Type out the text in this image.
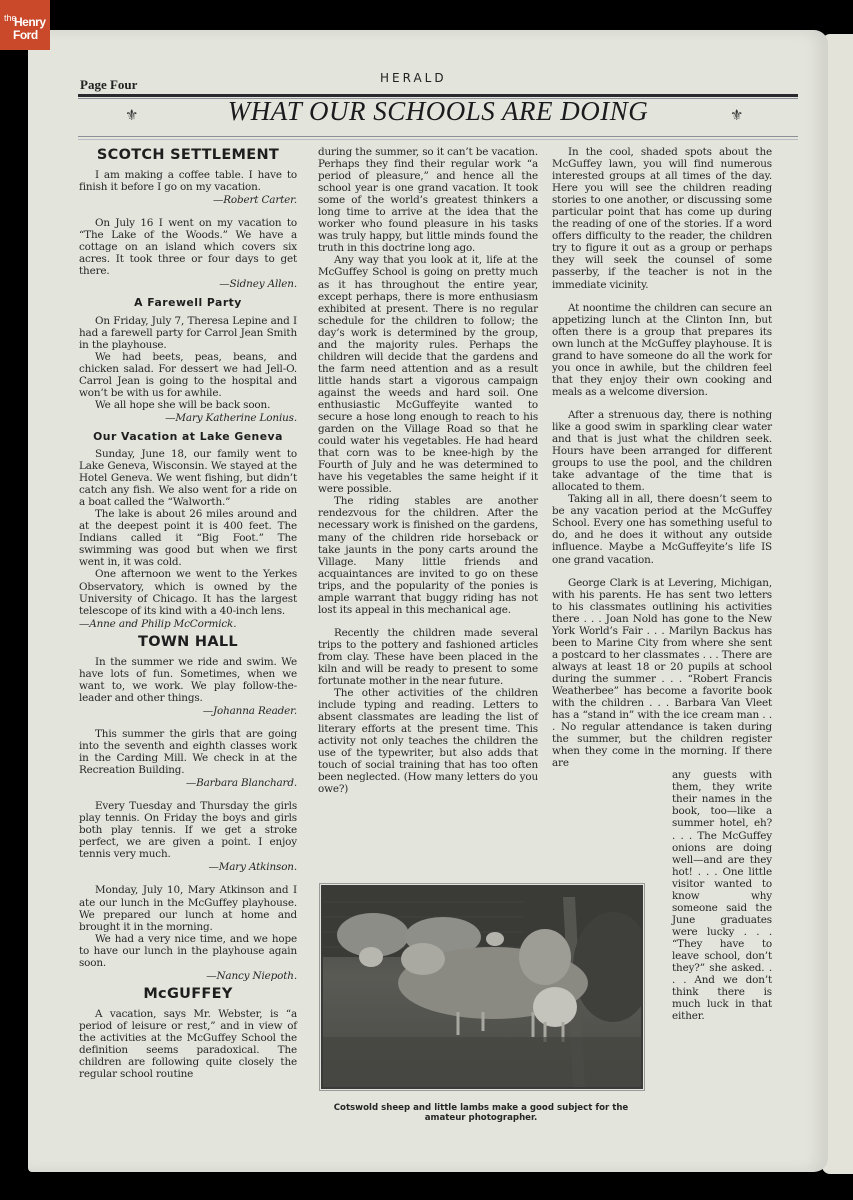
the
Henry
Ford
Page Four	HERALD
⚜	WHAT OUR SCHOOLS ARE DOING	⚜
SCOTCH SETTLEMENT

I am making a coffee table. I have to finish it before I go on my vacation.

—Robert Carter.

On July 16 I went on my vacation to “The Lake of the Woods.” We have a cottage on an island which covers six acres. It took three or four days to get there.

—Sidney Allen.
A Farewell Party

On Friday, July 7, Theresa Lepine and I had a farewell party for Carrol Jean Smith in the playhouse.

We had beets, peas, beans, and chicken salad. For dessert we had Jell-O. Carrol Jean is going to the hospital and won’t be with us for awhile.

We all hope she will be back soon.

—Mary Katherine Lonius.
Our Vacation at Lake Geneva

Sunday, June 18, our family went to Lake Geneva, Wisconsin. We stayed at the Hotel Geneva. We went fishing, but didn’t catch any fish. We also went for a ride on a boat called the “Walworth.”

The lake is about 26 miles around and at the deepest point it is 400 feet. The Indians called it “Big Foot.” The swimming was good but when we first went in, it was cold.

One afternoon we went to the Yerkes Observatory, which is owned by the University of Chicago. It has the largest telescope of its kind with a 40-inch lens.

—Anne and Philip McCormick.
TOWN HALL

In the summer we ride and swim. We have lots of fun. Sometimes, when we want to, we work. We play follow-the-leader and other things.

—Johanna Reader.

This summer the girls that are going into the seventh and eighth classes work in the Carding Mill. We check in at the Recreation Building.

—Barbara Blanchard.

Every Tuesday and Thursday the girls play tennis. On Friday the boys and girls both play tennis. If we get a stroke perfect, we are given a point. I enjoy tennis very much.

—Mary Atkinson.

Monday, July 10, Mary Atkinson and I ate our lunch in the McGuffey playhouse. We prepared our lunch at home and brought it in the morning.

We had a very nice time, and we hope to have our lunch in the playhouse again soon.

—Nancy Niepoth.
McGUFFEY

A vacation, says Mr. Webster, is “a period of leisure or rest,” and in view of the activities at the McGuffey School the definition seems paradoxical. The children are following quite closely the regular school routine

during the summer, so it can’t be vacation. Perhaps they find their regular work “a period of pleasure,” and hence all the school year is one grand vacation. It took some of the world’s greatest thinkers a long time to arrive at the idea that the worker who found pleasure in his tasks was truly happy, but little minds found the truth in this doctrine long ago.

Any way that you look at it, life at the McGuffey School is going on pretty much as it has throughout the entire year, except perhaps, there is more enthusiasm exhibited at present. There is no regular schedule for the children to follow; the day’s work is determined by the group, and the majority rules. Perhaps the children will decide that the gardens and the farm need attention and as a result little hands start a vigorous campaign against the weeds and hard soil. One enthusiastic McGuffeyite wanted to secure a hose long enough to reach to his garden on the Village Road so that he could water his vegetables. He had heard that corn was to be knee-high by the Fourth of July and he was determined to have his vegetables the same height if it were possible.

The riding stables are another rendezvous for the children. After the necessary work is finished on the gardens, many of the children ride horseback or take jaunts in the pony carts around the Village. Many little friends and acquaintances are invited to go on these trips, and the popularity of the ponies is ample warrant that buggy riding has not lost its appeal in this mechanical age.

Recently the children made several trips to the pottery and fashioned articles from clay. These have been placed in the kiln and will be ready to present to some fortunate mother in the near future.

The other activities of the children include typing and reading. Letters to absent classmates are leading the list of literary efforts at the present time. This activity not only teaches the children the use of the typewriter, but also adds that touch of social training that has too often been neglected. (How many letters do you owe?)

In the cool, shaded spots about the McGuffey lawn, you will find numerous interested groups at all times of the day. Here you will see the children reading stories to one another, or discussing some particular point that has come up during the reading of one of the stories. If a word offers difficulty to the reader, the children try to figure it out as a group or perhaps they will seek the counsel of some passerby, if the teacher is not in the immediate vicinity.

At noontime the children can secure an appetizing lunch at the Clinton Inn, but often there is a group that prepares its own lunch at the McGuffey playhouse. It is grand to have someone do all the work for you once in awhile, but the children feel that they enjoy their own cooking and meals as a welcome diversion.

After a strenuous day, there is nothing like a good swim in sparkling clear water and that is just what the children seek. Hours have been arranged for different groups to use the pool, and the children take advantage of the time that is allocated to them.

Taking all in all, there doesn’t seem to be any vacation period at the McGuffey School. Every one has something useful to do, and he does it without any outside influence. Maybe a McGuffeyite’s life IS one grand vacation.

George Clark is at Levering, Michigan, with his parents. He has sent two letters to his classmates outlining his activities there . . . Joan Nold has gone to the New York World’s Fair . . . Marilyn Backus has been to Marine City from where she sent a postcard to her classmates . . . There are always at least 18 or 20 pupils at school during the summer . . . “Robert Francis Weatherbee” has become a favorite book with the children . . . Barbara Van Vleet has a “stand in” with the ice cream man . . . No regular attendance is taken during the summer, but the children register when they come in the morning. If there are

any guests with them, they write their names in the book, too—like a summer hotel, eh? . . . The McGuffey onions are doing well—and are they hot! . . . One little visitor wanted to know why someone said the June graduates were lucky . . . “They have to leave school, don’t they?” she asked. . . . And we don’t think there is much luck in that either.

Cotswold sheep and little lambs make a good subject for the amateur photographer.
